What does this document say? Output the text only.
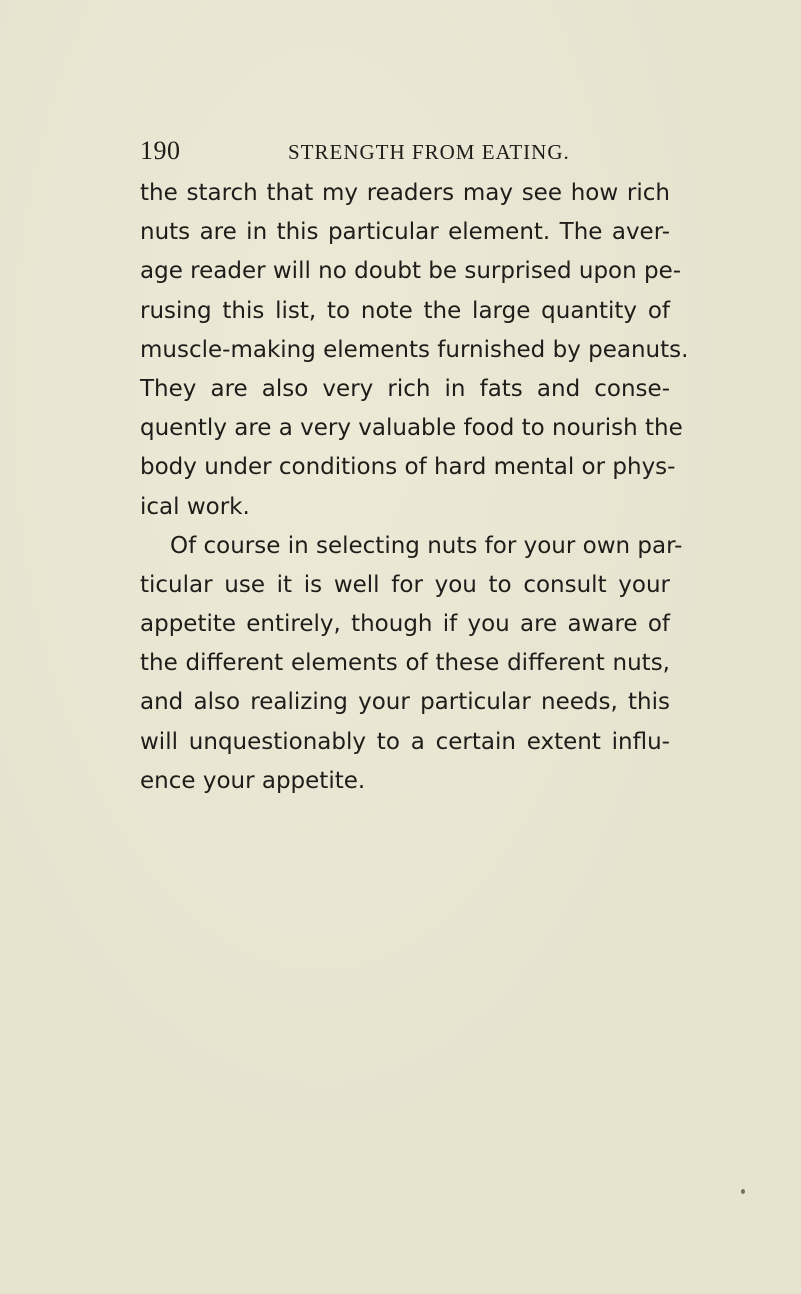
190	STRENGTH FROM EATING.
the starch that my readers may see how rich
nuts are in this particular element. The aver-
age reader will no doubt be surprised upon pe-
rusing this list, to note the large quantity of
muscle-making elements furnished by peanuts.
They are also very rich in fats and conse-
quently are a very valuable food to nourish the
body under conditions of hard mental or phys-
ical work.
Of course in selecting nuts for your own par-
ticular use it is well for you to consult your
appetite entirely, though if you are aware of
the different elements of these different nuts,
and also realizing your particular needs, this
will unquestionably to a certain extent influ-
ence your appetite.
